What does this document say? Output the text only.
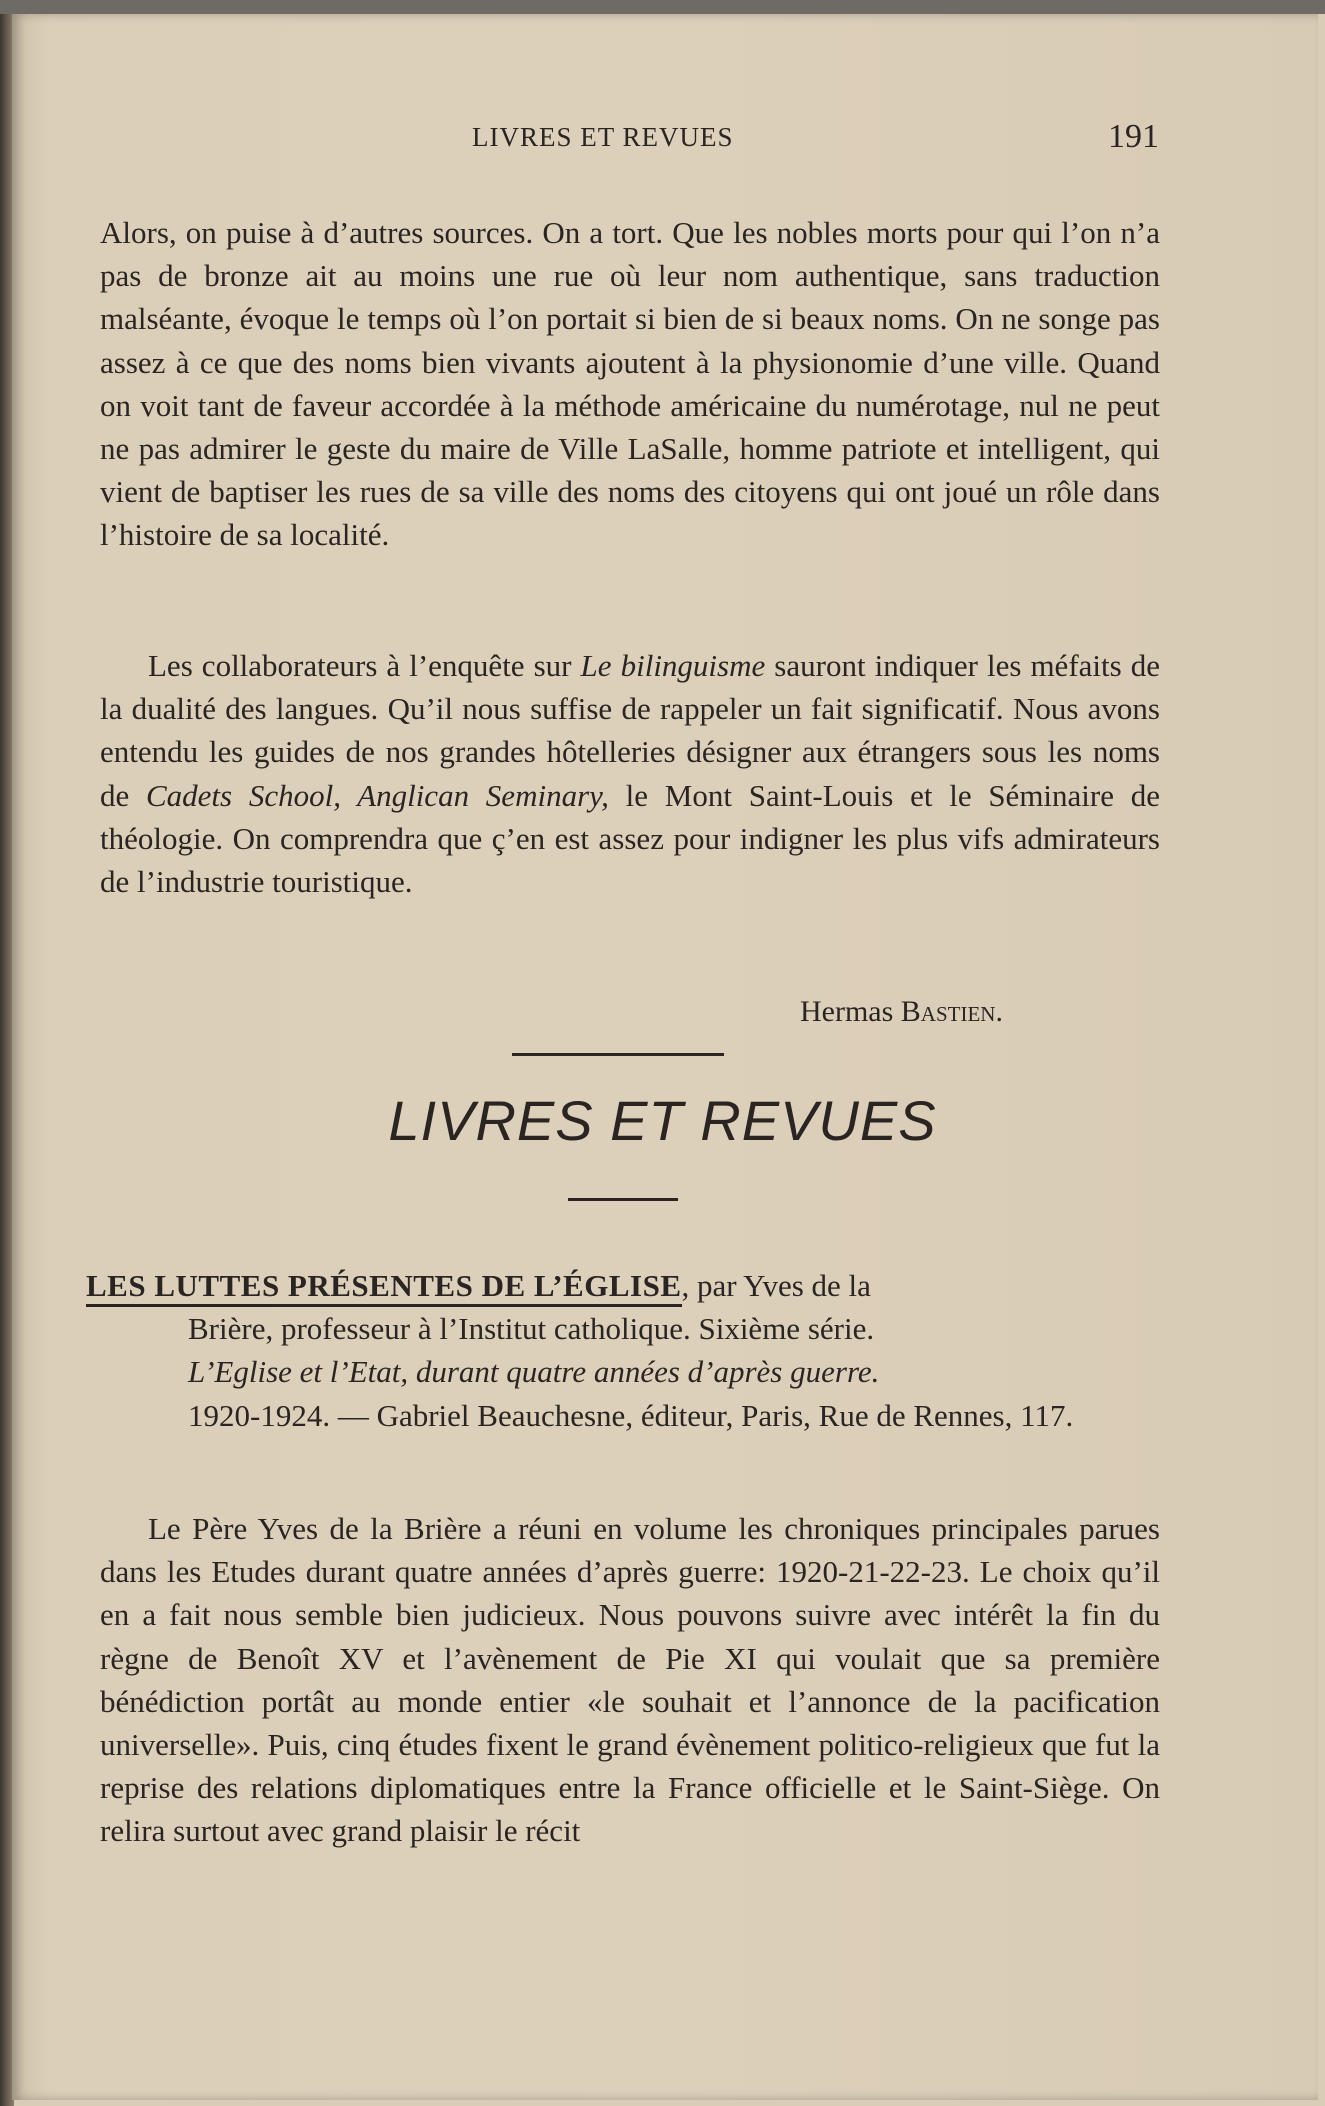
LIVRES ET REVUES	191

Alors, on puise à d’autres sources. On a tort. Que les nobles morts pour qui l’on n’a pas de bronze ait au moins une rue où leur nom authentique, sans traduction malséante, évoque le temps où l’on portait si bien de si beaux noms. On ne songe pas assez à ce que des noms bien vivants ajoutent à la physionomie d’une ville. Quand on voit tant de faveur accordée à la méthode américaine du numérotage, nul ne peut ne pas admirer le geste du maire de Ville LaSalle, homme patriote et intelligent, qui vient de baptiser les rues de sa ville des noms des citoyens qui ont joué un rôle dans l’histoire de sa localité.

Les collaborateurs à l’enquête sur Le bilinguisme sauront indiquer les méfaits de la dualité des langues. Qu’il nous suffise de rappeler un fait significatif. Nous avons entendu les guides de nos grandes hôtelleries désigner aux étrangers sous les noms de Cadets School, Anglican Seminary, le Mont Saint-Louis et le Séminaire de théologie. On comprendra que ç’en est assez pour indigner les plus vifs admirateurs de l’industrie touristique.

Hermas Bastien.
LIVRES ET REVUES
LES LUTTES PRÉSENTES DE L’ÉGLISE, par Yves de la
Brière, professeur à l’Institut catholique. Sixième série.
L’Eglise et l’Etat, durant quatre années d’après guerre.
1920-1924. — Gabriel Beauchesne, éditeur, Paris, Rue de Rennes, 117.

Le Père Yves de la Brière a réuni en volume les chroniques principales parues dans les Etudes durant quatre années d’après guerre: 1920-21-22-23. Le choix qu’il en a fait nous semble bien judicieux. Nous pouvons suivre avec intérêt la fin du règne de Benoît XV et l’avènement de Pie XI qui voulait que sa première bénédiction portât au monde entier «le souhait et l’annonce de la pacification universelle». Puis, cinq études fixent le grand évènement politico-religieux que fut la reprise des relations diplomatiques entre la France officielle et le Saint-Siège. On relira surtout avec grand plaisir le récit
